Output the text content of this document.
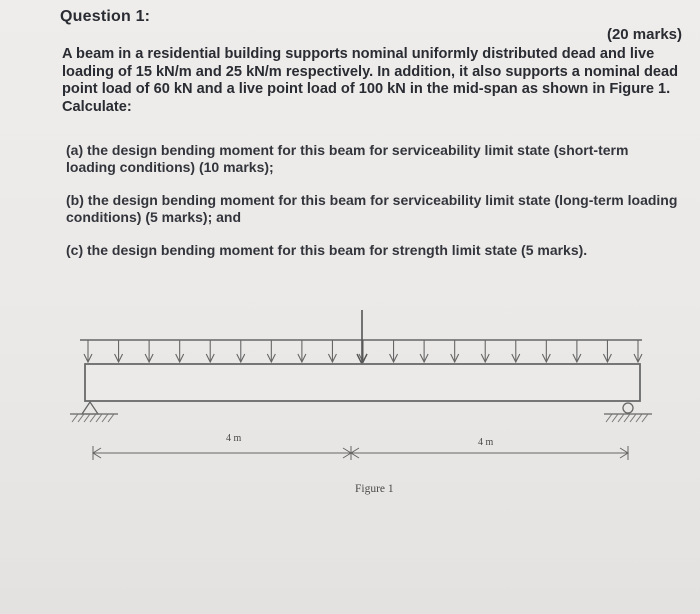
Question 1:
(20 marks)
A beam in a residential building supports nominal uniformly distributed dead and live loading of 15 kN/m and 25 kN/m respectively. In addition, it also supports a nominal dead point load of 60 kN and a live point load of 100 kN in the mid-span as shown in Figure 1. Calculate:
(a) the design bending moment for this beam for serviceability limit state (short-term loading conditions) (10 marks);
(b) the design bending moment for this beam for serviceability limit state (long-term loading conditions) (5 marks); and
(c) the design bending moment for this beam for strength limit state (5 marks).
4 m	4 m
Figure 1
